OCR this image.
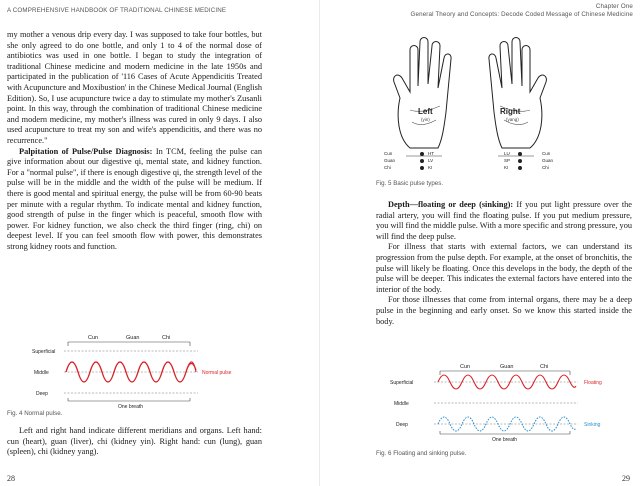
A COMPREHENSIVE HANDBOOK OF TRADITIONAL CHINESE MEDICINE

my mother a venous drip every day. I was supposed to take four bottles, but she only agreed to do one bottle, and only 1 to 4 of the normal dose of antibiotics was used in one bottle. I began to study the integration of traditional Chinese medicine and modern medicine in the late 1950s and participated in the publication of '116 Cases of Acute Appendicitis Treated with Acupuncture and Moxibustion' in the Chinese Medical Journal (English Edition). So, I use acupuncture twice a day to stimulate my mother's Zusanli point. In this way, through the combination of traditional Chinese medicine and modern medicine, my mother's illness was cured in only 9 days. I also used acupuncture to treat my son and wife's appendicitis, and there was no recurrence."

Palpitation of Pulse/Pulse Diagnosis: In TCM, feeling the pulse can give information about our digestive qi, mental state, and kidney function. For a "normal pulse", if there is enough digestive qi, the strength level of the pulse will be in the middle and the width of the pulse will be medium. If there is good mental and spiritual energy, the pulse will be from 60-90 beats per minute with a regular rhythm. To indicate mental and kidney function, good strength of pulse in the finger which is peaceful, smooth flow with power. For kidney function, we also check the third finger (ring, chi) on deepest level. If you can feel smooth flow with power, this demonstrates strong kidney roots and function.

Cun	Guan	Chi
Superficial
Middle
Deep
Normal pulse
One breath
Fig. 4 Normal pulse.

Left and right hand indicate different meridians and organs. Left hand: cun (heart), guan (liver), chi (kidney yin). Right hand: cun (lung), guan (spleen), chi (kidney yang).

28
Chapter One
General Theory and Concepts: Decode Coded Message of Chinese Medicine
Left
(yin)
Cun
Guan
Chi
HT
LV
KI
Right
(yang)
LU
SP
KI
Cun
Guan
Chi
Fig. 5 Basic pulse types.

Depth—floating or deep (sinking): If you put light pressure over the radial artery, you will find the floating pulse. If you put medium pressure, you will find the middle pulse. With a more specific and strong pressure, you will find the deep pulse.

For illness that starts with external factors, we can understand its progression from the pulse depth. For example, at the onset of bronchitis, the pulse will likely be floating. Once this develops in the body, the depth of the pulse will be deeper. This indicates the external factors have entered into the interior of the body.

For those illnesses that come from internal organs, there may be a deep pulse in the beginning and early onset. So we know this started inside the body.

Cun	Guan	Chi
Superficial
Middle
Deep
Floating
Sinking
One breath
Fig. 6 Floating and sinking pulse.
29
